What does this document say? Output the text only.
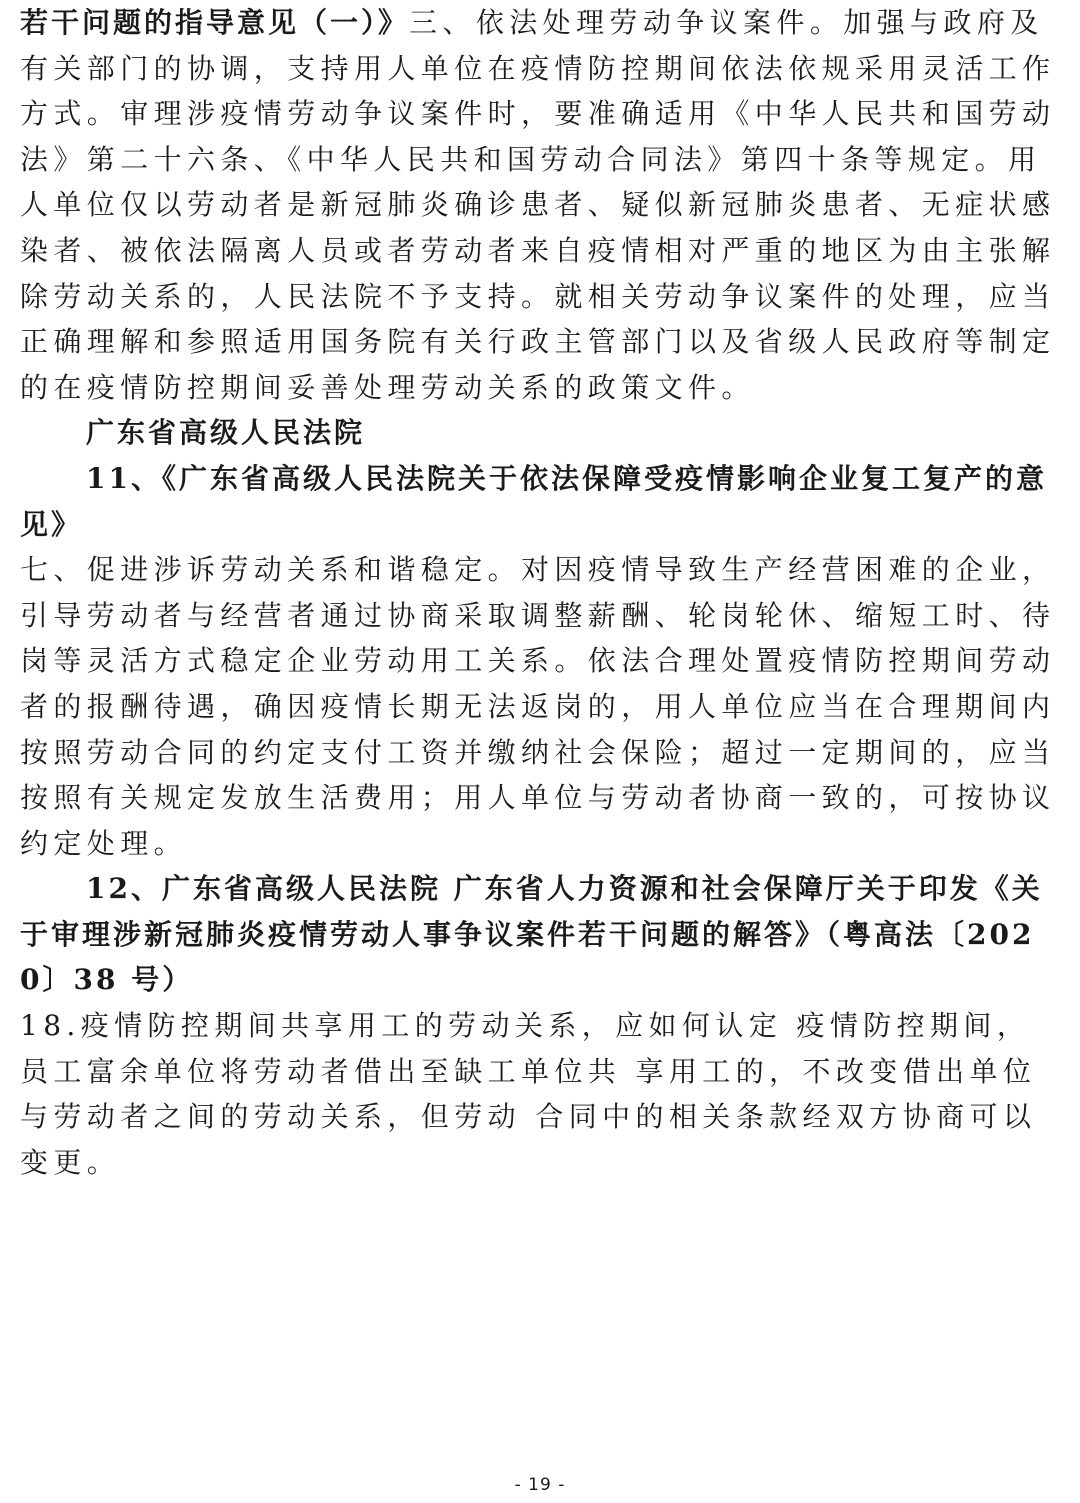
若干问题的指导意见（一）》三、依法处理劳动争议案件。加强与政府及有关部门的协调，支持用人单位在疫情防控期间依法依规采用灵活工作方式。审理涉疫情劳动争议案件时，要准确适用《中华人民共和国劳动法》第二十六条、《中华人民共和国劳动合同法》第四十条等规定。用人单位仅以劳动者是新冠肺炎确诊患者、疑似新冠肺炎患者、无症状感染者、被依法隔离人员或者劳动者来自疫情相对严重的地区为由主张解除劳动关系的，人民法院不予支持。就相关劳动争议案件的处理，应当正确理解和参照适用国务院有关行政主管部门以及省级人民政府等制定的在疫情防控期间妥善处理劳动关系的政策文件。

广东省高级人民法院

11、《广东省高级人民法院关于依法保障受疫情影响企业复工复产的意见》

七、促进涉诉劳动关系和谐稳定。对因疫情导致生产经营困难的企业，引导劳动者与经营者通过协商采取调整薪酬、轮岗轮休、缩短工时、待岗等灵活方式稳定企业劳动用工关系。依法合理处置疫情防控期间劳动者的报酬待遇，确因疫情长期无法返岗的，用人单位应当在合理期间内按照劳动合同的约定支付工资并缴纳社会保险；超过一定期间的，应当按照有关规定发放生活费用；用人单位与劳动者协商一致的，可按协议约定处理。

12、广东省高级人民法院 广东省人力资源和社会保障厅关于印发《关于审理涉新冠肺炎疫情劳动人事争议案件若干问题的解答》（粤高法〔2020〕38 号）

18.疫情防控期间共享用工的劳动关系，应如何认定 疫情防控期间，员工富余单位将劳动者借出至缺工单位共 享用工的，不改变借出单位与劳动者之间的劳动关系，但劳动 合同中的相关条款经双方协商可以变更。

- 19 -
